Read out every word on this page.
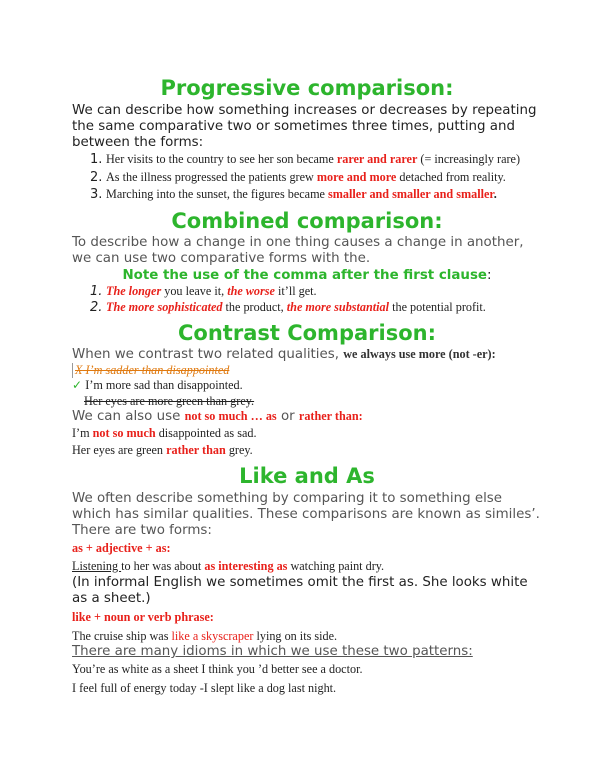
Progressive comparison:
We can describe how something increases or decreases by repeating the same comparative two or sometimes three times, putting and between the forms:
1. Her visits to the country to see her son became rarer and rarer (= increasingly rare)
2. As the illness progressed the patients grew more and more detached from reality.
3. Marching into the sunset, the figures became smaller and smaller and smaller.
Combined comparison:
To describe how a change in one thing causes a change in another, we can use two comparative forms with the.
Note the use of the comma after the first clause:
1. The longer you leave it, the worse it’ll get.
2. The more sophisticated the product, the more substantial the potential profit.
Contrast Comparison:
When we contrast two related qualities, we always use more (not -er):
X I’m sadder than disappointed
✓ I’m more sad than disappointed.
Her eyes are more green than grey.
We can also use not so much … as or rather than:
I’m not so much disappointed as sad.
Her eyes are green rather than grey.
Like and As
We often describe something by comparing it to something else which has similar qualities. These comparisons are known as similes’. There are two forms:
as + adjective + as:
Listening to her was about as interesting as watching paint dry.
(In informal English we sometimes omit the first as. She looks white as a sheet.)
like + noun or verb phrase:
The cruise ship was like a skyscraper lying on its side.
There are many idioms in which we use these two patterns:
You’re as white as a sheet I think you ’d better see a doctor.
I feel full of energy today -I slept like a dog last night.
